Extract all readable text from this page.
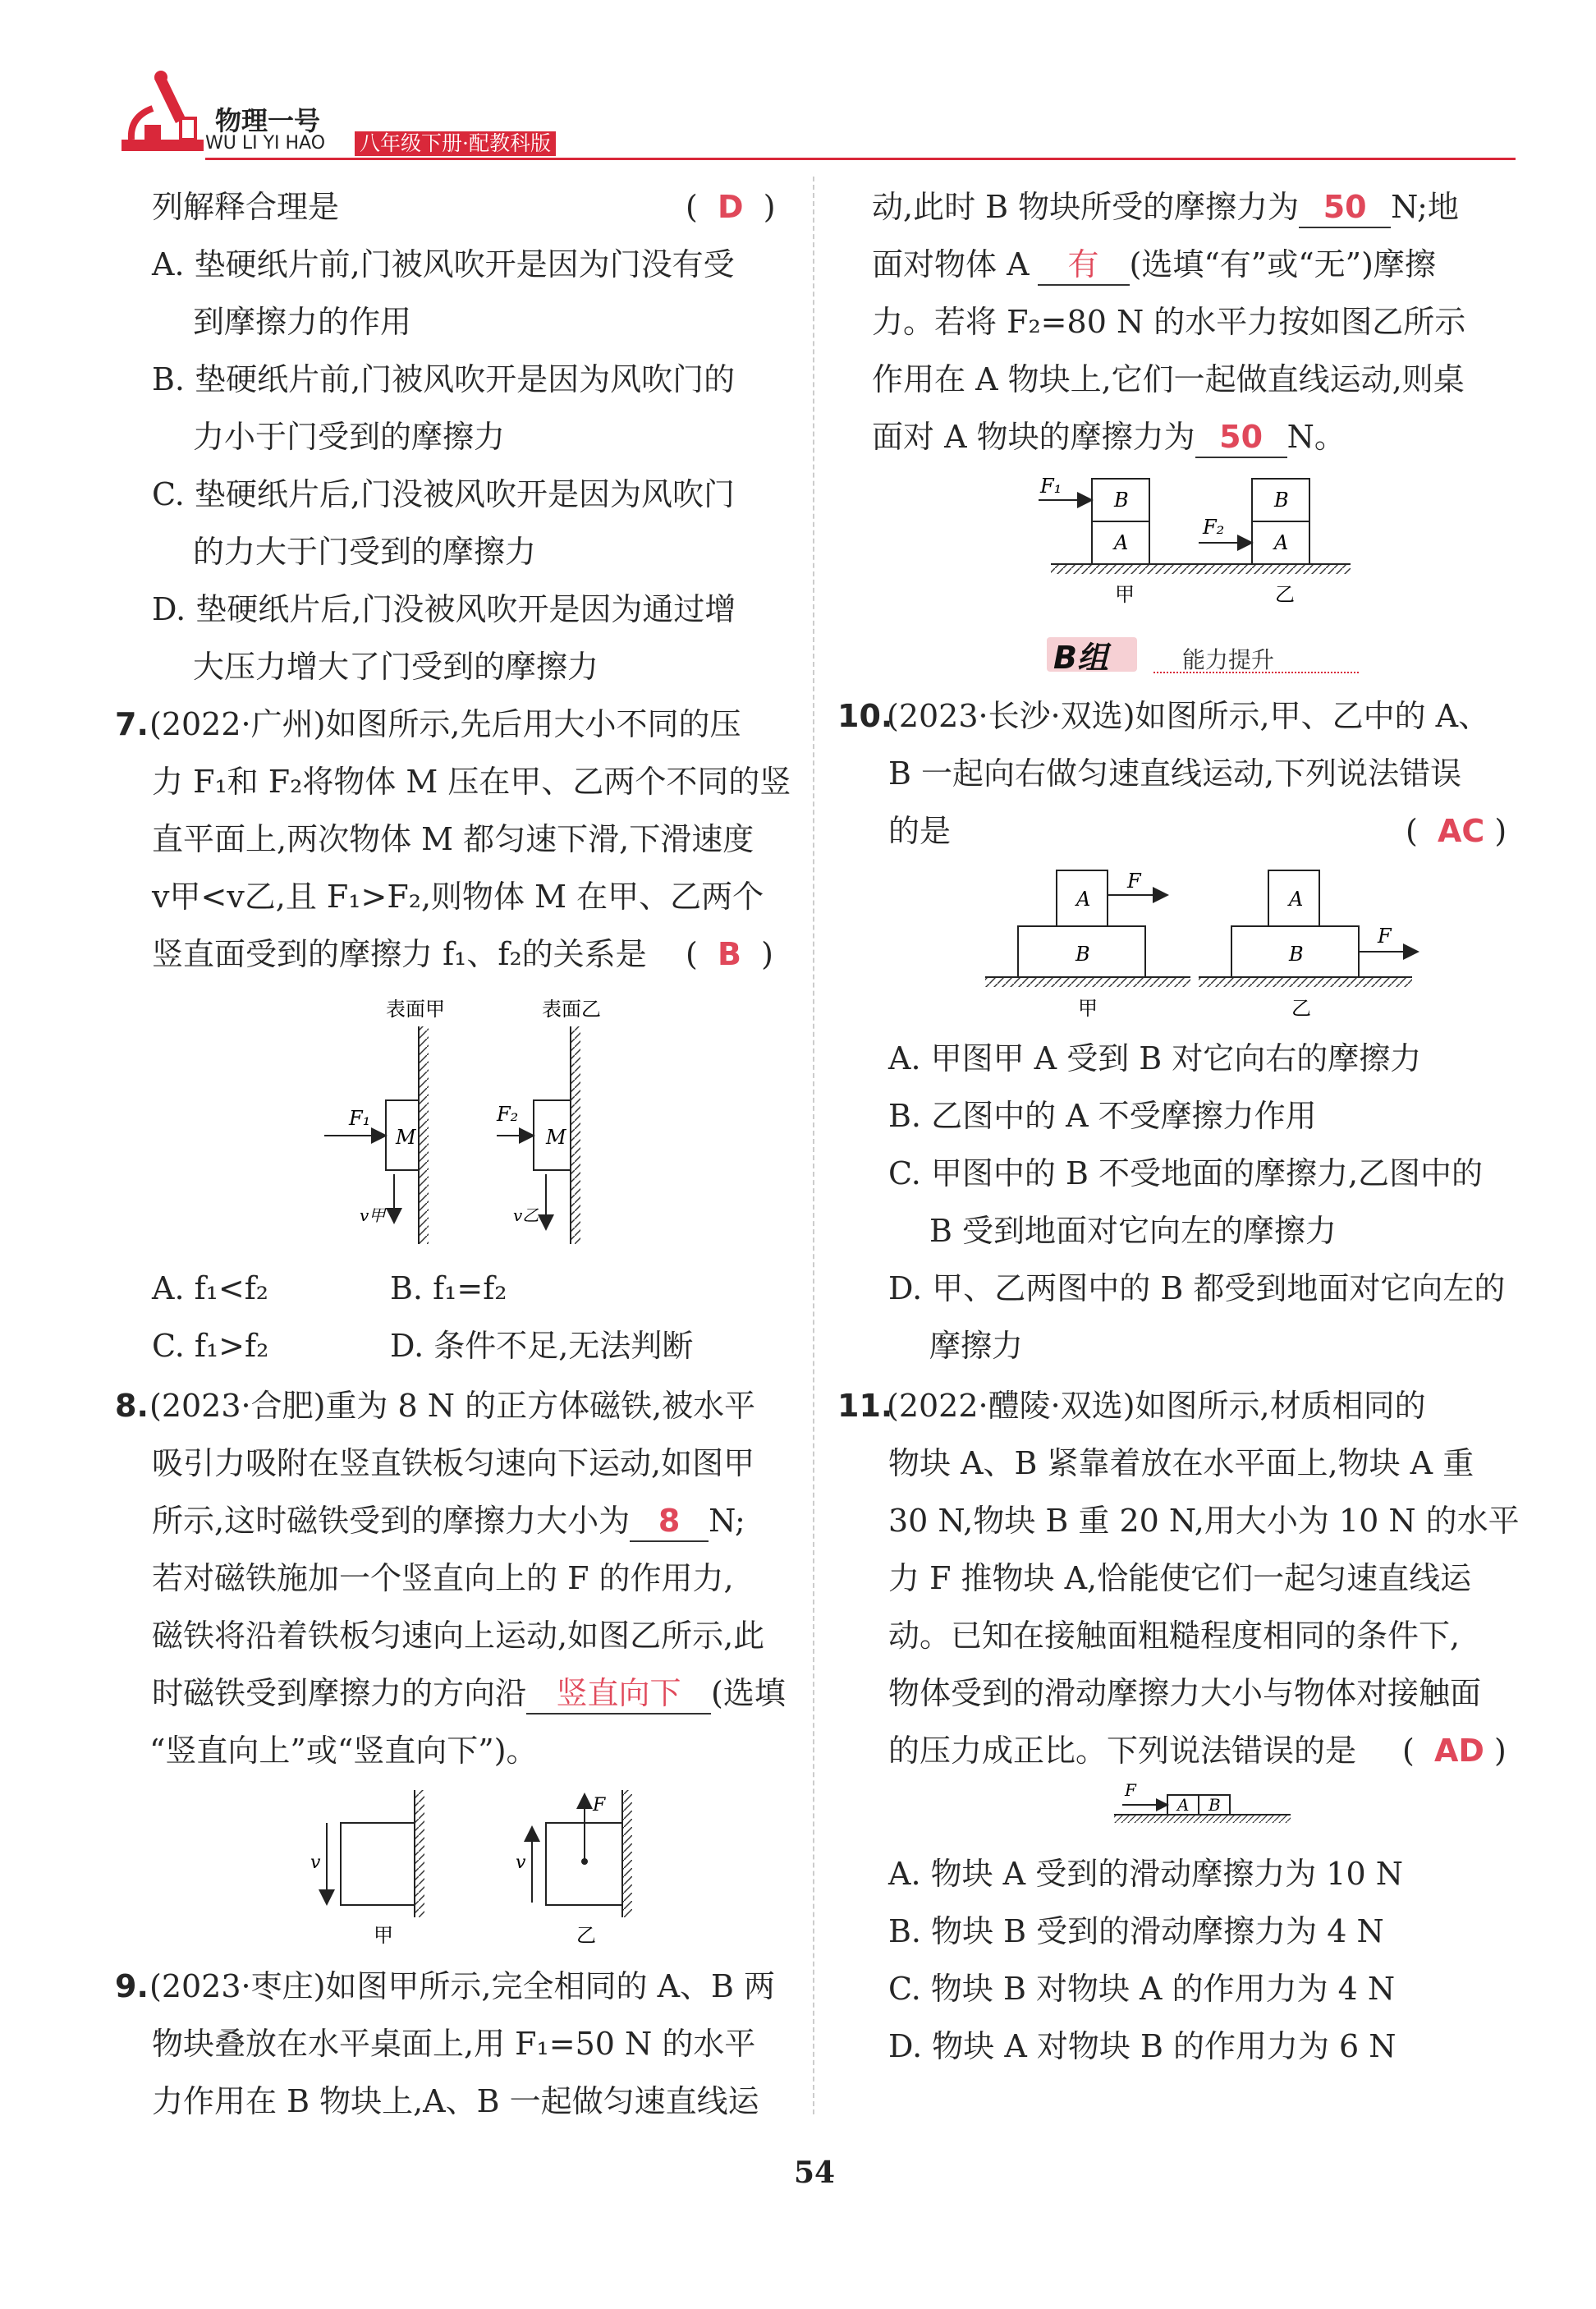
物理一号
WU LI YI HAO 八年级下册·配教科版
列解释合理是	(  D  )
A. 垫硬纸片前,门被风吹开是因为门没有受
到摩擦力的作用
B. 垫硬纸片前,门被风吹开是因为风吹门的
力小于门受到的摩擦力
C. 垫硬纸片后,门没被风吹开是因为风吹门
的力大于门受到的摩擦力
D. 垫硬纸片后,门没被风吹开是因为通过增
大压力增大了门受到的摩擦力
7. (2022·广州)如图所示,先后用大小不同的压
力 F₁和 F₂将物体 M 压在甲、乙两个不同的竖
直平面上,两次物体 M 都匀速下滑,下滑速度
v甲<v乙,且 F₁>F₂,则物体 M 在甲、乙两个
竖直面受到的摩擦力 f₁、f₂的关系是 (  B  )
表面甲	表面乙
M
F₁
v甲
M
F₂
v乙
A. f₁<f₂	B. f₁=f₂
C. f₁>f₂	D. 条件不足,无法判断
8. (2023·合肥)重为 8 N 的正方体磁铁,被水平
吸引力吸附在竖直铁板匀速向下运动,如图甲
所示,这时磁铁受到的摩擦力大小为 8 N;
若对磁铁施加一个竖直向上的 F 的作用力,
磁铁将沿着铁板匀速向上运动,如图乙所示,此
时磁铁受到摩擦力的方向沿 竖直向下 (选填
“竖直向上”或“竖直向下”)。
v
甲
F
v
乙
9. (2023·枣庄)如图甲所示,完全相同的 A、B 两
物块叠放在水平桌面上,用 F₁=50 N 的水平
力作用在 B 物块上,A、B 一起做匀速直线运
动,此时 B 物块所受的摩擦力为 50 N;地
面对物体 A 有 (选填“有”或“无”)摩擦
力。若将 F₂=80 N 的水平力按如图乙所示
作用在 A 物块上,它们一起做直线运动,则桌
面对 A 物块的摩擦力为 50 N。
B
A
F₁
甲
B
A
F₂
乙
B组	能力提升
10.
(2023·长沙·双选)如图所示,甲、乙中的 A、
B 一起向右做匀速直线运动,下列说法错误
的是	(  AC )
A
B
F
甲
A
B
F
乙
A. 甲图甲 A 受到 B 对它向右的摩擦力
B. 乙图中的 A 不受摩擦力作用
C. 甲图中的 B 不受地面的摩擦力,乙图中的
B 受到地面对它向左的摩擦力
D. 甲、乙两图中的 B 都受到地面对它向左的
摩擦力
11.
(2022·醴陵·双选)如图所示,材质相同的
物块 A、B 紧靠着放在水平面上,物块 A 重
30 N,物块 B 重 20 N,用大小为 10 N 的水平
力 F 推物块 A,恰能使它们一起匀速直线运
动。已知在接触面粗糙程度相同的条件下,
物体受到的滑动摩擦力大小与物体对接触面
的压力成正比。下列说法错误的是 (  AD )
A B
F
A. 物块 A 受到的滑动摩擦力为 10 N
B. 物块 B 受到的滑动摩擦力为 4 N
C. 物块 B 对物块 A 的作用力为 4 N
D. 物块 A 对物块 B 的作用力为 6 N
54
